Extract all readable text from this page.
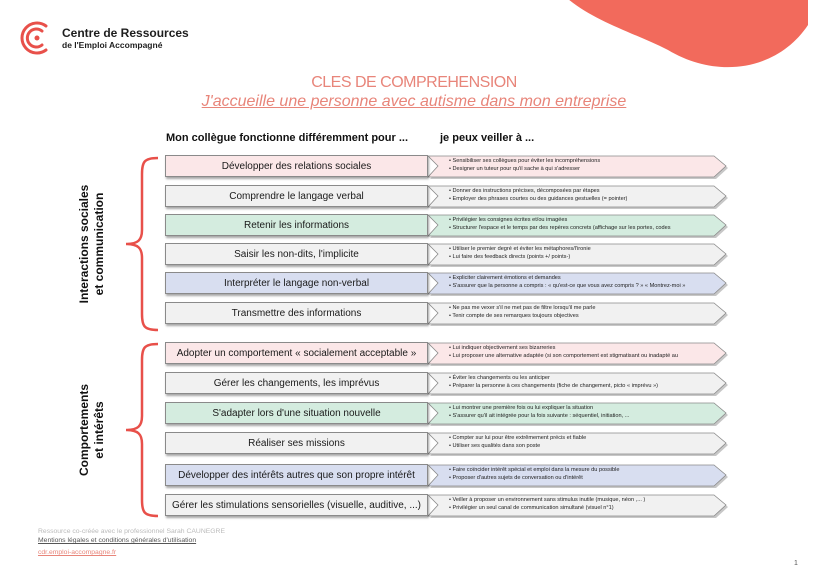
Centre de Ressources
de l'Emploi Accompagné
CLES DE COMPREHENSION
J'accueille une personne avec autisme dans mon entreprise
Mon collègue fonctionne différemment pour ...	je peux veiller à ...
Interactions sociales et communication
Comportements et intérêts
Développer des relations sociales	• Sensibiliser ses collègues pour éviter les incompréhensions
• Designer un tuteur pour qu'il sache à qui s'adresser
Comprendre le langage verbal	• Donner des instructions précises, décomposées par étapes
• Employer des phrases courtes ou des guidances gestuelles (= pointer)
Retenir les informations	• Privilégier les consignes écrites et/ou imagées
• Structurer l'espace et le temps par des repères concrets (affichage sur les portes, codes
Saisir les non-dits, l'implicite	• Utiliser le premier degré et éviter les métaphores/l'ironie
• Lui faire des feedback directs (points +/ points-)
Interpréter le langage non-verbal	• Expliciter clairement émotions et demandes
• S'assurer que la personne a compris : « qu'est-ce que vous avez compris ? » « Montrez-moi »
Transmettre des informations	• Ne pas me vexer s'il ne met pas de filtre lorsqu'il me parle
• Tenir compte de ses remarques toujours objectives
Adopter un comportement « socialement acceptable »	• Lui indiquer objectivement ses bizarreries
• Lui proposer une alternative adaptée (si son comportement est stigmatisant ou inadapté au
Gérer les changements, les imprévus	• Éviter les changements ou les anticiper
• Préparer la personne à ces changements (fiche de changement, picto « imprévu »)
S'adapter lors d'une situation nouvelle	• Lui montrer une première fois ou lui expliquer la situation
• S'assurer qu'il ait intégrée pour la fois suivante : séquentiel, initiation, ...
Réaliser ses missions	• Compter sur lui pour être extrêmement précis et fiable
• Utiliser ses qualités dans son poste
Développer des intérêts autres que son propre intérêt	• Faire coïncider intérêt spécial et emploi dans la mesure du possible
• Proposer d'autres sujets de conversation ou d'intérêt
Gérer les stimulations sensorielles (visuelle, auditive, ...)	• Veiller à proposer un environnement sans stimulus inutile (musique, néon ,... )
• Privilégier un seul canal de communication simultané (visuel n°1)
Ressource co-créée avec le professionnel Sarah CAUNEGRE
Mentions légales et conditions générales d'utilisation
cdr.emploi-accompagne.fr
1
